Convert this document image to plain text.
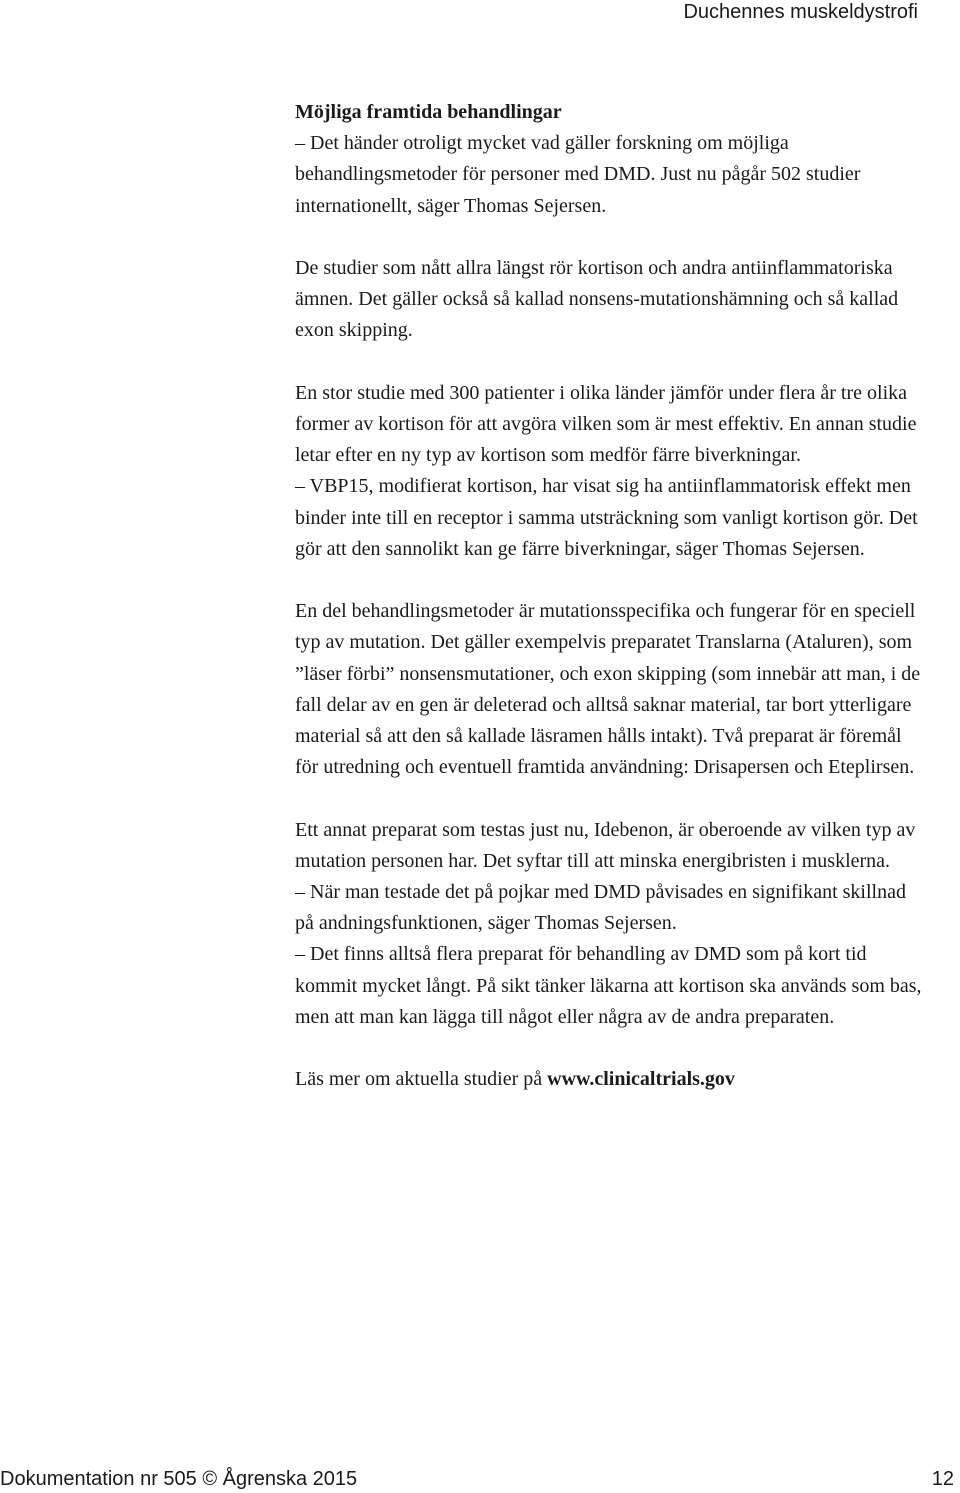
Duchennes muskeldystrofi
Möjliga framtida behandlingar

– Det händer otroligt mycket vad gäller forskning om möjliga behandlingsmetoder för personer med DMD. Just nu pågår 502 studier internationellt, säger Thomas Sejersen.

De studier som nått allra längst rör kortison och andra antiinflammatoriska ämnen. Det gäller också så kallad nonsens-mutationshämning och så kallad exon skipping.

En stor studie med 300 patienter i olika länder jämför under flera år tre olika former av kortison för att avgöra vilken som är mest effektiv. En annan studie letar efter en ny typ av kortison som medför färre biverkningar.

– VBP15, modifierat kortison, har visat sig ha antiinflammatorisk effekt men binder inte till en receptor i samma utsträckning som vanligt kortison gör. Det gör att den sannolikt kan ge färre biverkningar, säger Thomas Sejersen.

En del behandlingsmetoder är mutationsspecifika och fungerar för en speciell typ av mutation. Det gäller exempelvis preparatet Translarna (Ataluren), som ”läser förbi” nonsensmutationer, och exon skipping (som innebär att man, i de fall delar av en gen är deleterad och alltså saknar material, tar bort ytterligare material så att den så kallade läsramen hålls intakt). Två preparat är föremål för utredning och eventuell framtida användning: Drisapersen och Eteplirsen.

Ett annat preparat som testas just nu, Idebenon, är oberoende av vilken typ av mutation personen har. Det syftar till att minska energibristen i musklerna.

– När man testade det på pojkar med DMD påvisades en signifikant skillnad på andningsfunktionen, säger Thomas Sejersen.

– Det finns alltså flera preparat för behandling av DMD som på kort tid kommit mycket långt. På sikt tänker läkarna att kortison ska används som bas, men att man kan lägga till något eller några av de andra preparaten.

Läs mer om aktuella studier på www.clinicaltrials.gov

Dokumentation nr 505 © Ågrenska 2015	12
